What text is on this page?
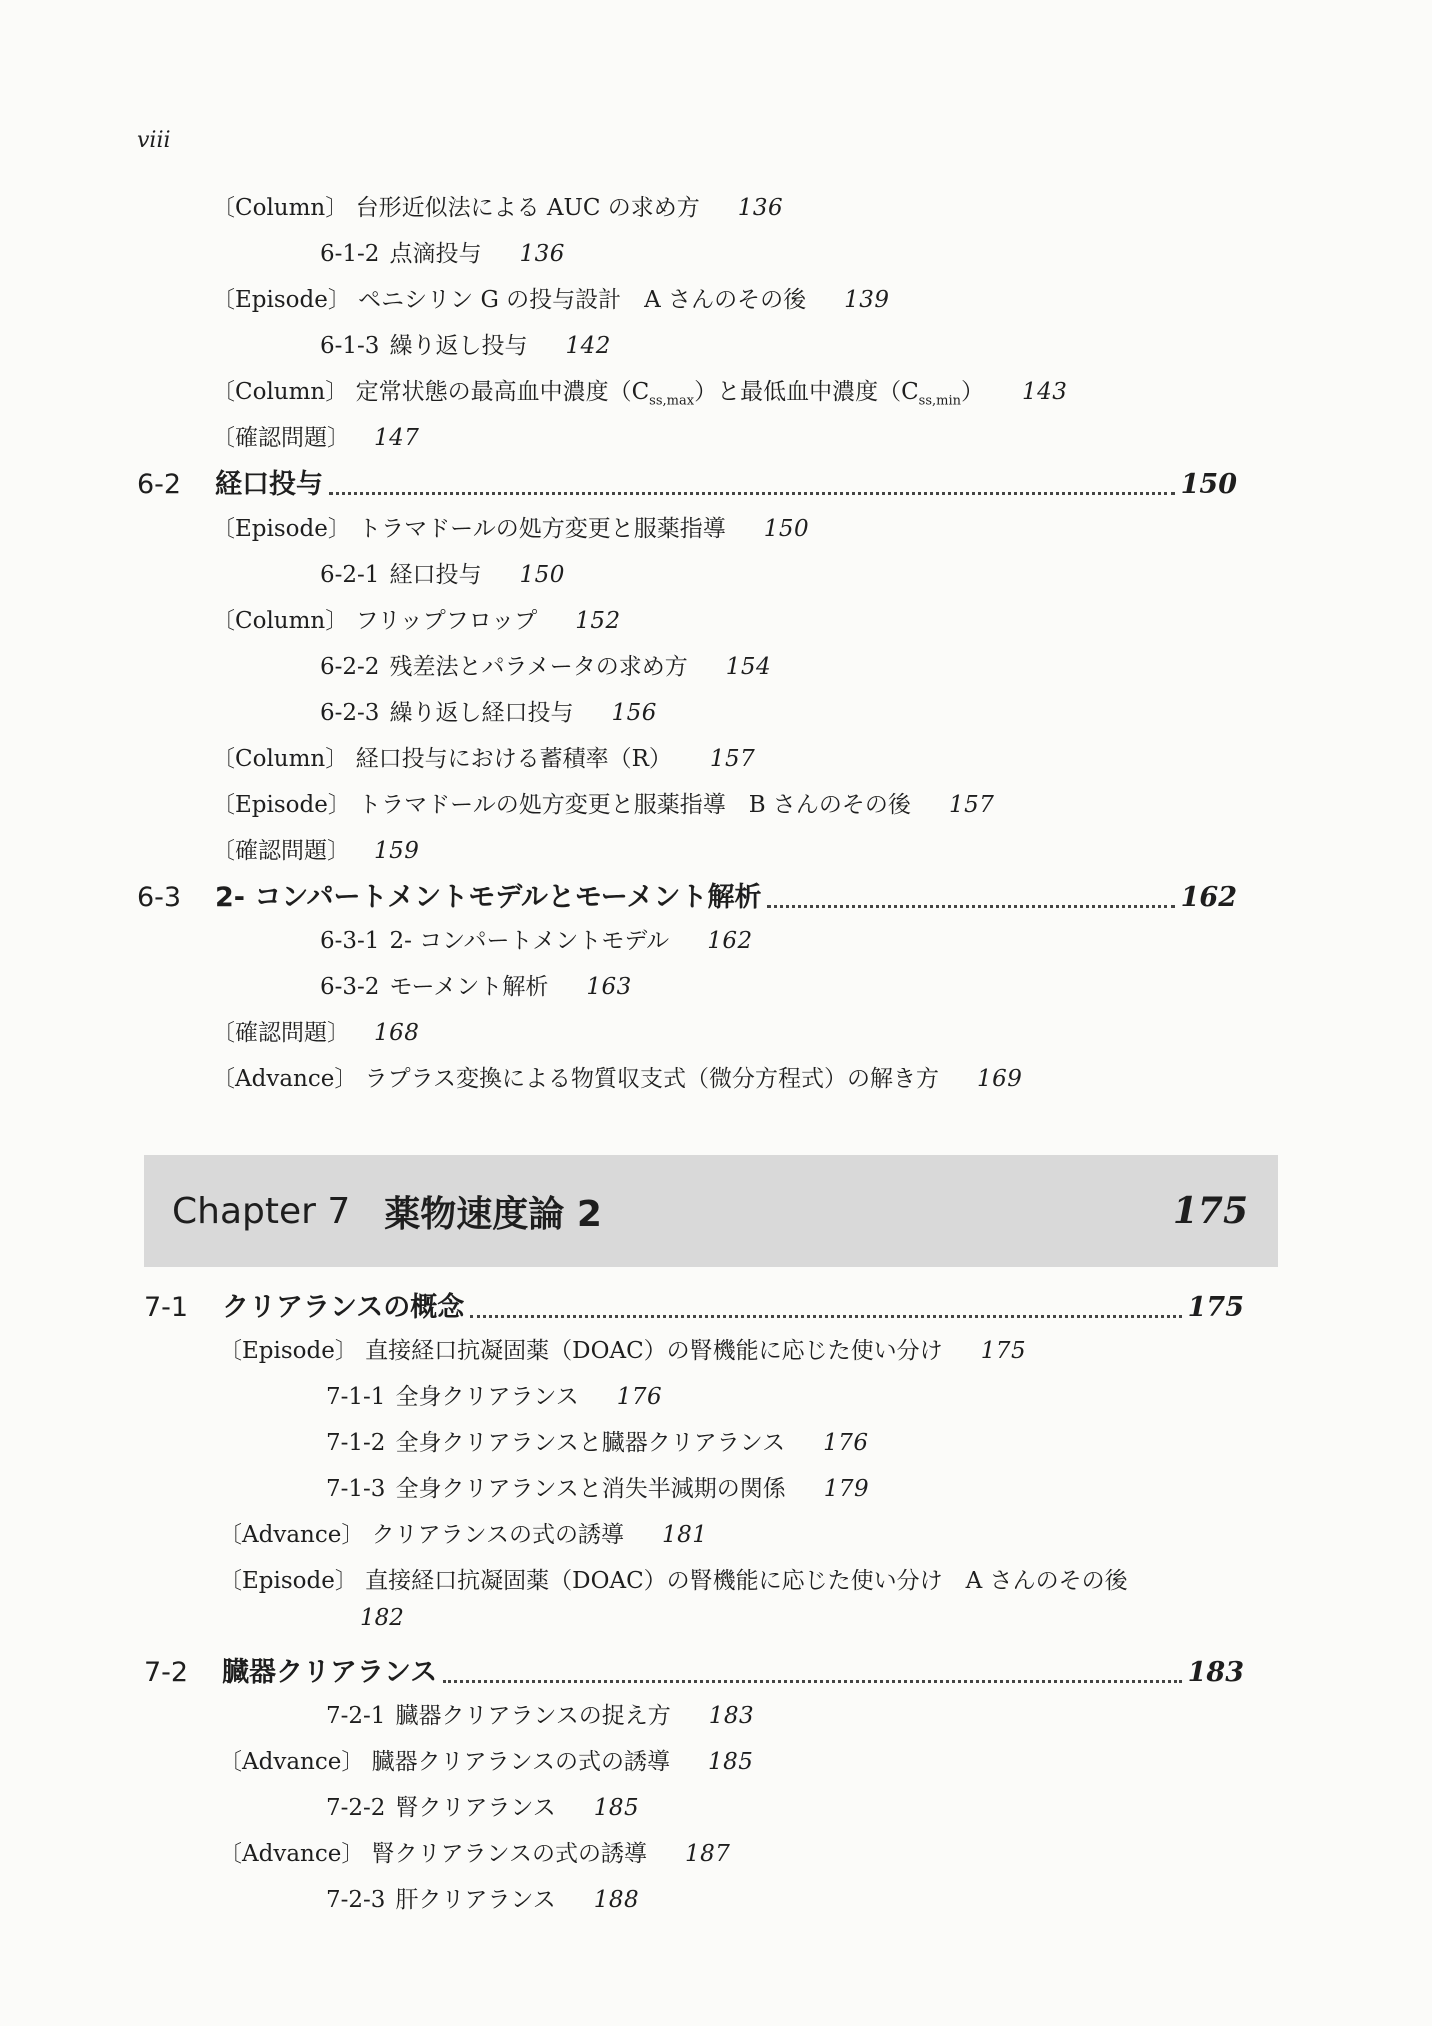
viii
〔Column〕 台形近似法による AUC の求め方 136
6-1-2 点滴投与 136
〔Episode〕 ペニシリン G の投与設計　A さんのその後 139
6-1-3 繰り返し投与 142
〔Column〕 定常状態の最高血中濃度$(C_{ss,max})$と最低血中濃度$(C_{ss,min})$ 143
〔確認問題〕 147
6-2	経口投与	150
〔Episode〕 トラマドールの処方変更と服薬指導 150
6-2-1 経口投与 150
〔Column〕 フリップフロップ 152
6-2-2 残差法とパラメータの求め方 154
6-2-3 繰り返し経口投与 156
〔Column〕 経口投与における蓄積率（R） 157
〔Episode〕 トラマドールの処方変更と服薬指導　B さんのその後 157
〔確認問題〕 159
6-3	2- コンパートメントモデルとモーメント解析	162
6-3-1 2- コンパートメントモデル 162
6-3-2 モーメント解析 163
〔確認問題〕 168
〔Advance〕 ラプラス変換による物質収支式（微分方程式）の解き方 169
Chapter 7 薬物速度論 2	175
7-1	クリアランスの概念	175
〔Episode〕 直接経口抗凝固薬（DOAC）の腎機能に応じた使い分け 175
7-1-1 全身クリアランス 176
7-1-2 全身クリアランスと臓器クリアランス 176
7-1-3 全身クリアランスと消失半減期の関係 179
〔Advance〕 クリアランスの式の誘導 181
〔Episode〕 直接経口抗凝固薬（DOAC）の腎機能に応じた使い分け　A さんのその後
182
7-2	臓器クリアランス	183
7-2-1 臓器クリアランスの捉え方 183
〔Advance〕 臓器クリアランスの式の誘導 185
7-2-2 腎クリアランス 185
〔Advance〕 腎クリアランスの式の誘導 187
7-2-3 肝クリアランス 188
